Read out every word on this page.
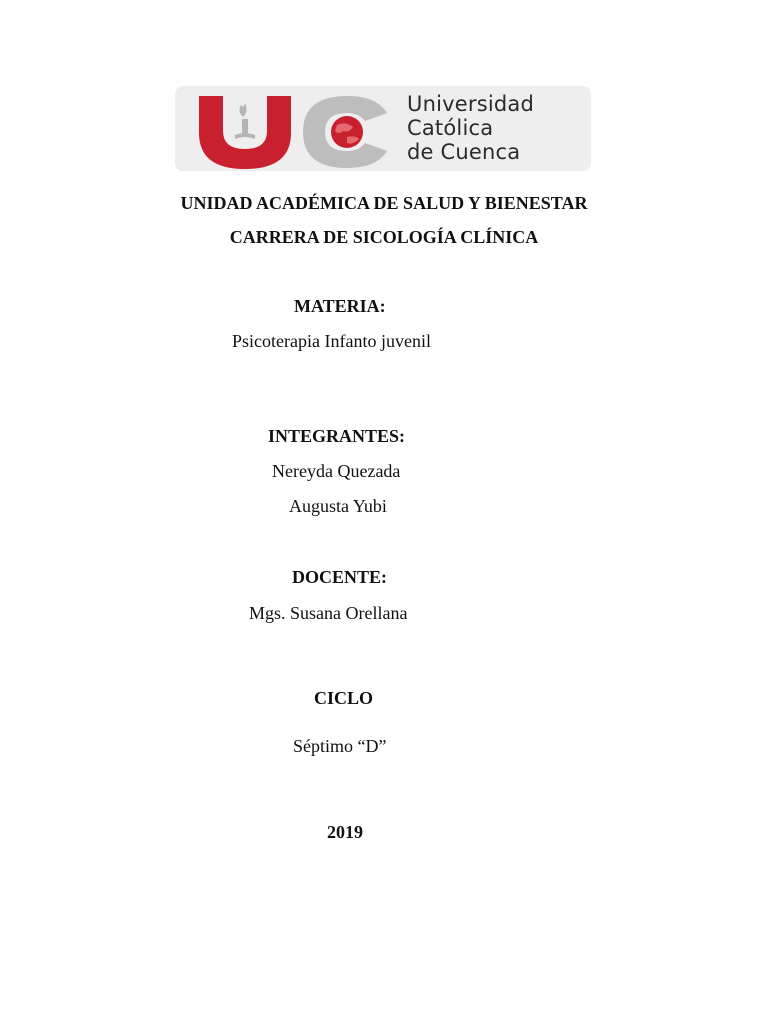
Universidad
Católica
de Cuenca
UNIDAD ACADÉMICA DE SALUD Y BIENESTAR
CARRERA DE SICOLOGÍA CLÍNICA
MATERIA:
Psicoterapia Infanto juvenil
INTEGRANTES:
Nereyda Quezada
Augusta Yubi
DOCENTE:
Mgs. Susana Orellana
CICLO
Séptimo “D”
2019
